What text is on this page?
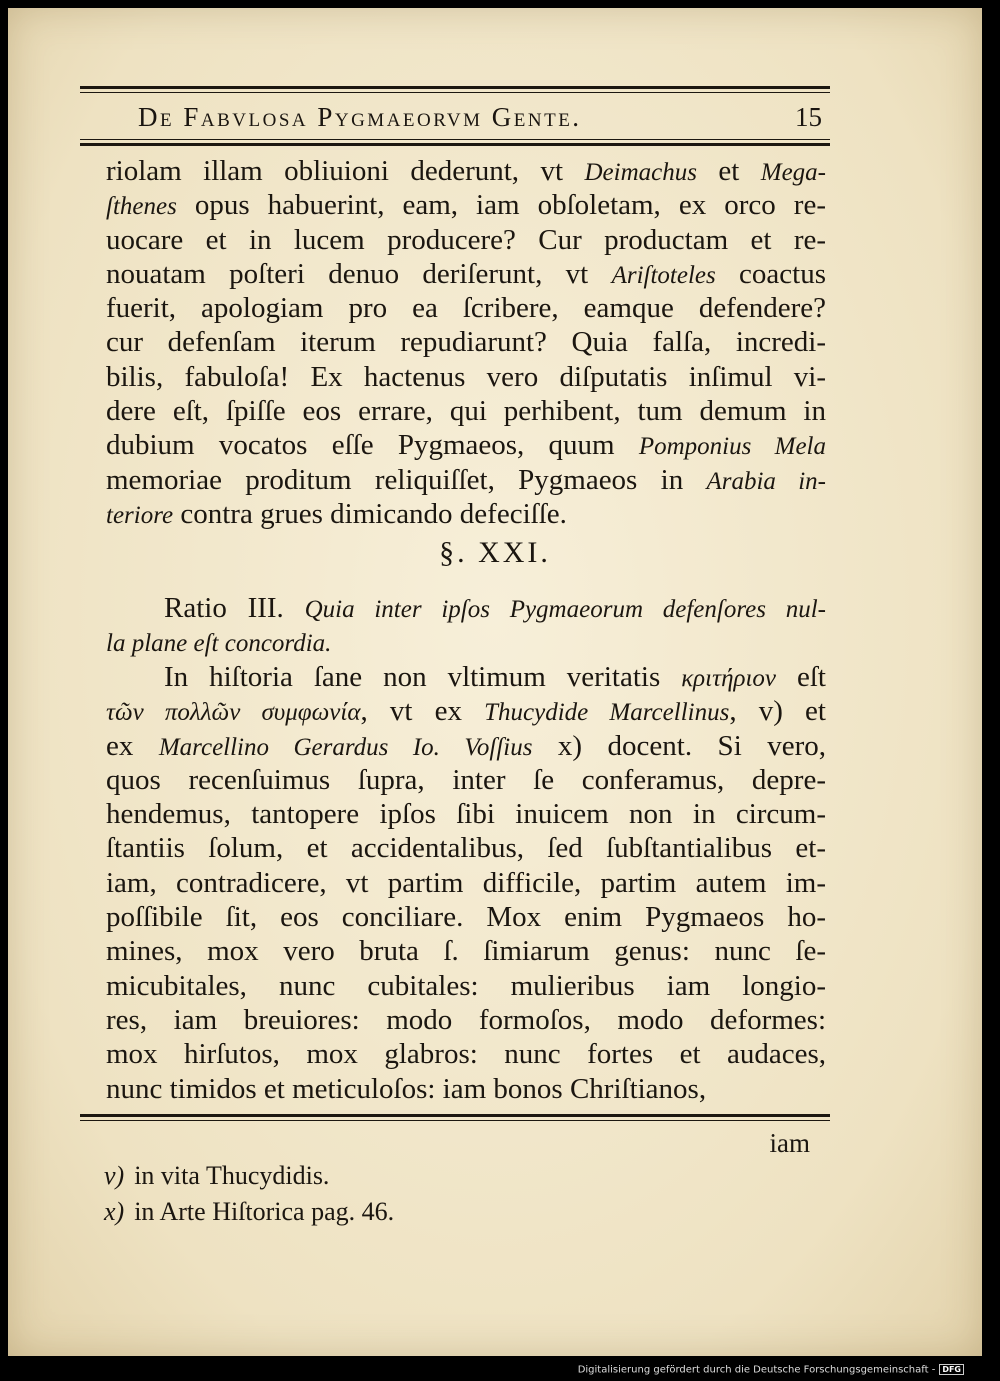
De Fabvlosa Pygmaeorvm Gente.	15
riolam illam obliuioni dederunt, vt Deimachus et Mega-
ſthenes opus habuerint, eam, iam obſoletam, ex orco re-
uocare et in lucem producere? Cur productam et re-
nouatam poſteri denuo deriſerunt, vt Ariſtoteles coactus
fuerit, apologiam pro ea ſcribere, eamque defendere?
cur defenſam iterum repudiarunt? Quia falſa, incredi-
bilis, fabuloſa! Ex hactenus vero diſputatis inſimul vi-
dere eſt, ſpiſſe eos errare, qui perhibent, tum demum in
dubium vocatos eſſe Pygmaeos, quum Pomponius Mela
memoriae proditum reliquiſſet, Pygmaeos in Arabia in-
teriore contra grues dimicando defeciſſe.
§. XXI.
Ratio III. Quia inter ipſos Pygmaeorum defenſores nul-
la plane eſt concordia.
In hiſtoria ſane non vltimum veritatis κριτήριον eſt
τῶν πολλῶν συμφωνία, vt ex Thucydide Marcellinus, v) et
ex Marcellino Gerardus Io. Voſſius x) docent. Si vero,
quos recenſuimus ſupra, inter ſe conferamus, depre-
hendemus, tantopere ipſos ſibi inuicem non in circum-
ſtantiis ſolum, et accidentalibus, ſed ſubſtantialibus et-
iam, contradicere, vt partim difficile, partim autem im-
poſſibile ſit, eos conciliare. Mox enim Pygmaeos ho-
mines, mox vero bruta ſ. ſimiarum genus: nunc ſe-
micubitales, nunc cubitales: mulieribus iam longio-
res, iam breuiores: modo formoſos, modo deformes:
mox hirſutos, mox glabros: nunc fortes et audaces,
nunc timidos et meticuloſos: iam bonos Chriſtianos,
iam
v) in vita Thucydidis.
x) in Arte Hiſtorica pag. 46.
Digitalisierung gefördert durch die Deutsche Forschungsgemeinschaft - DFG
